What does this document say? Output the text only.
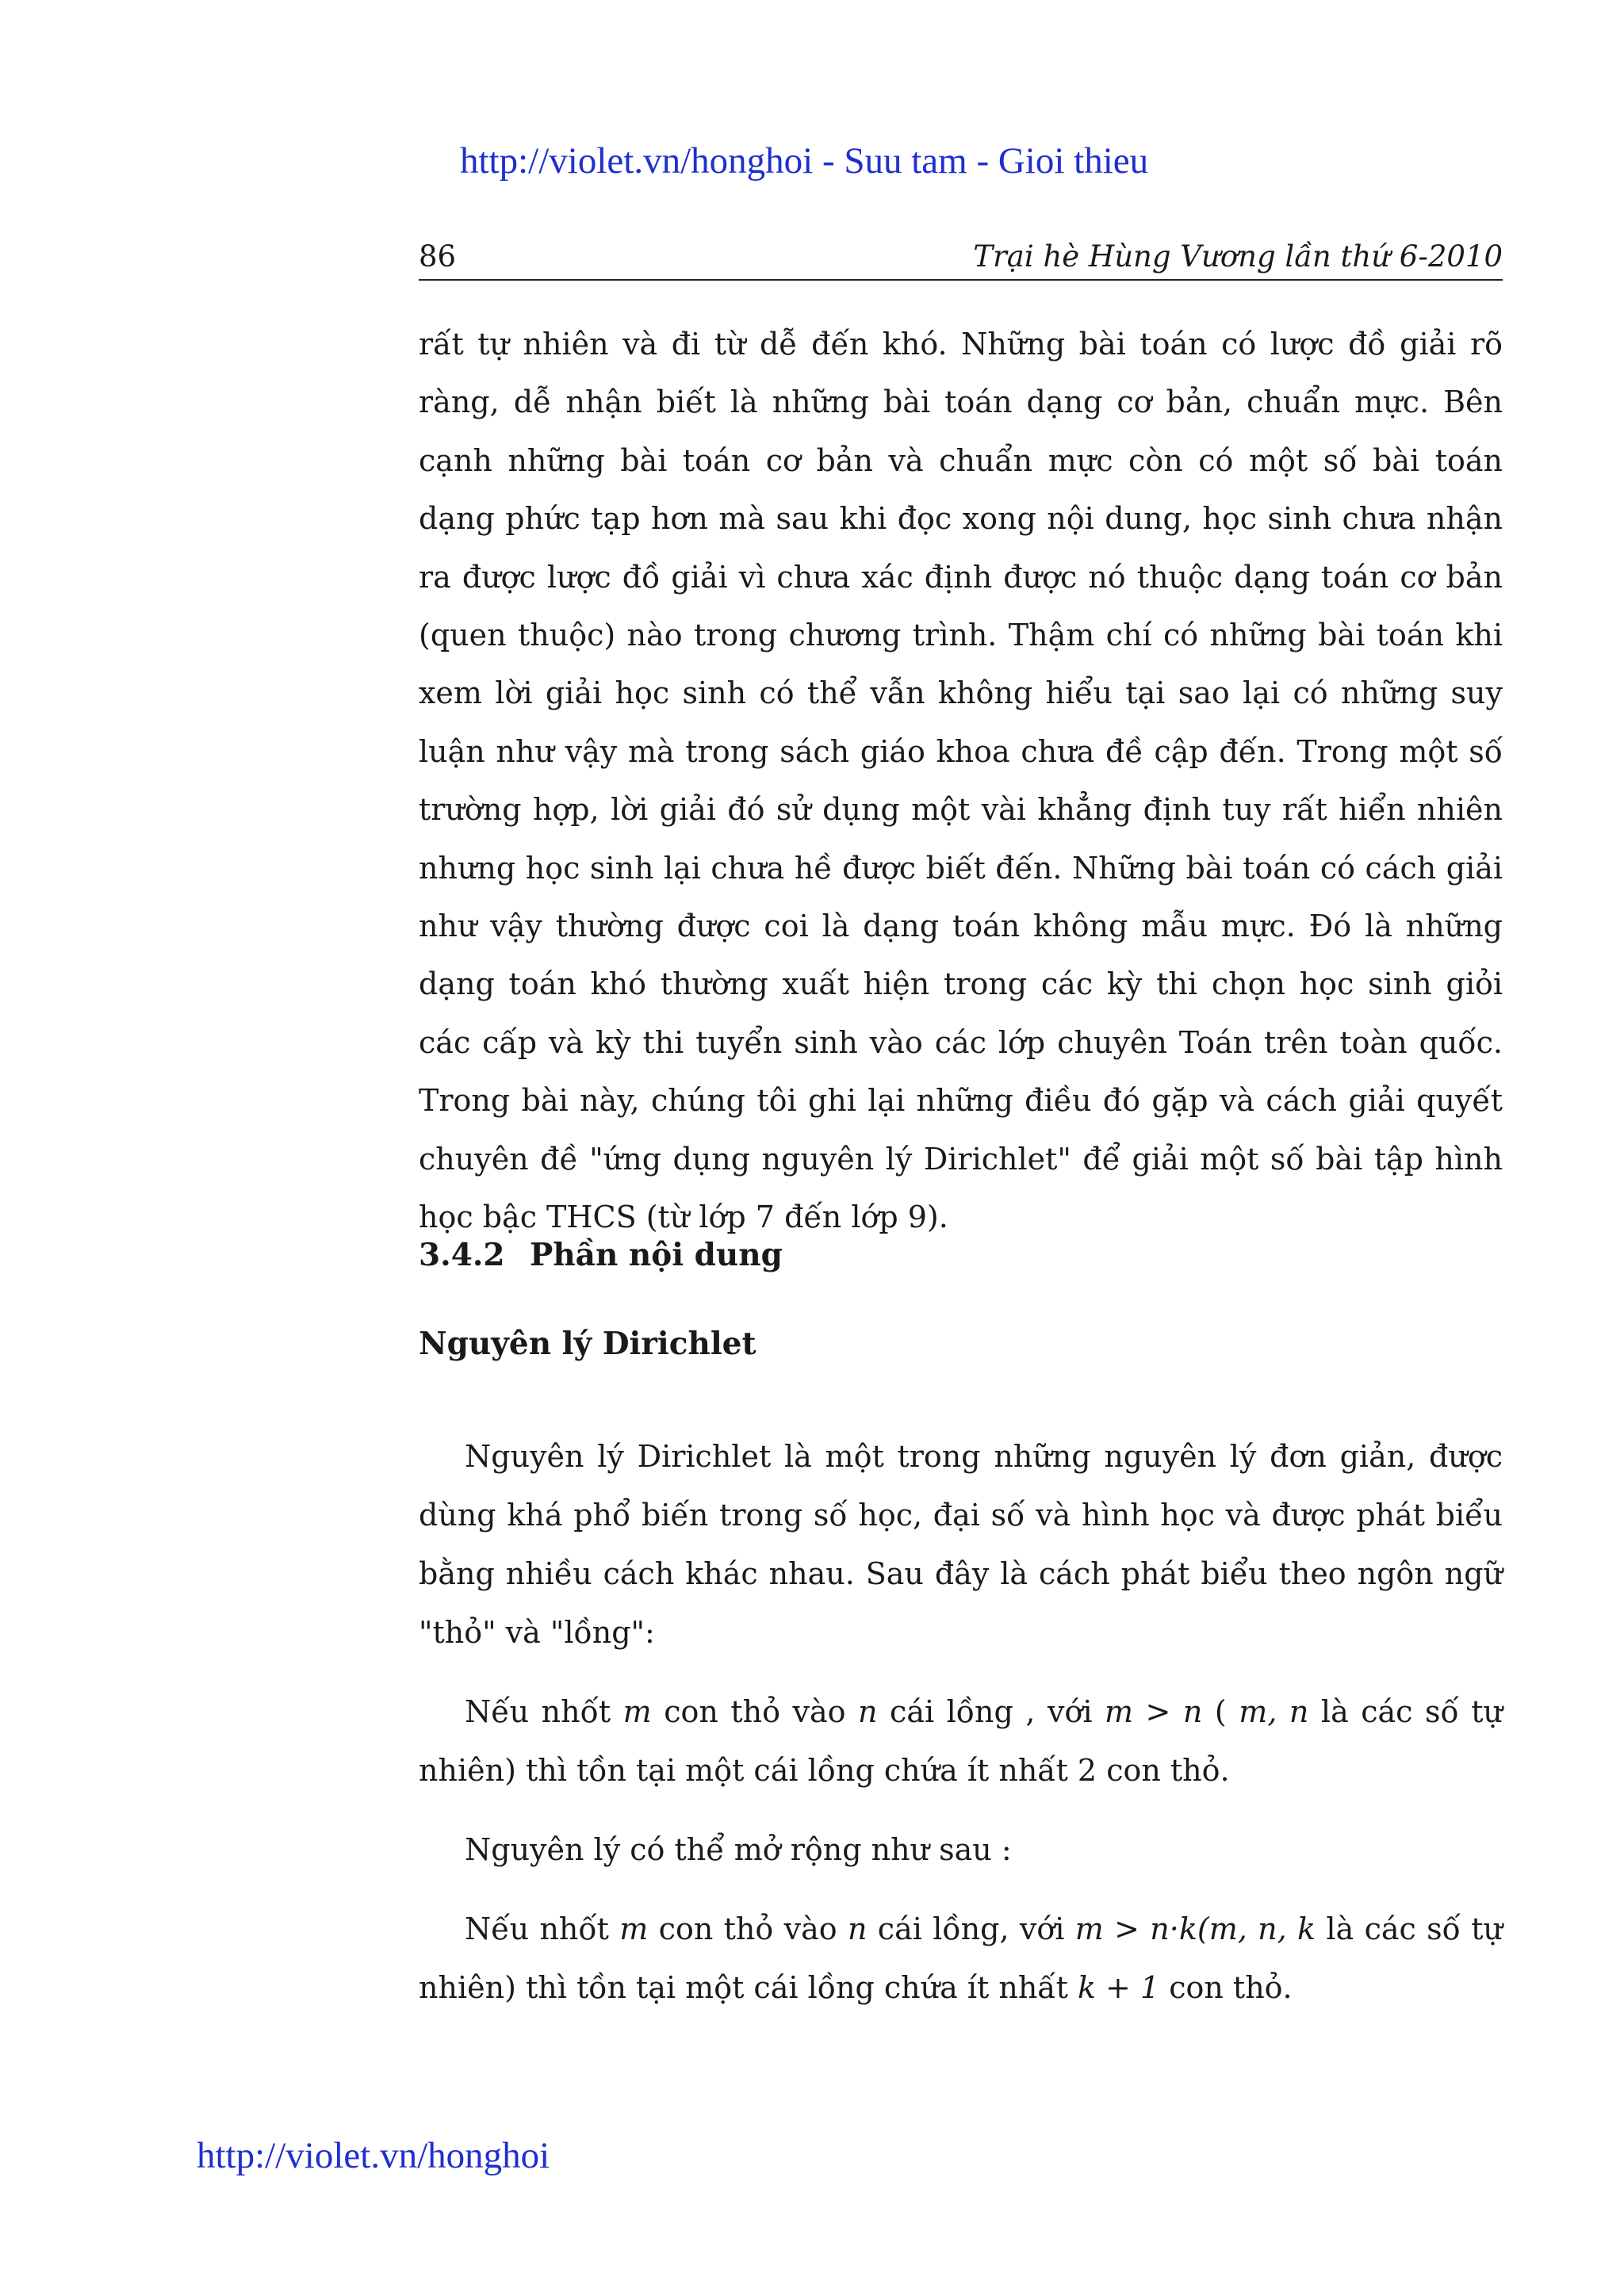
http://violet.vn/honghoi - Suu tam - Gioi thieu
86	Trại hè Hùng Vương lần thứ 6-2010

rất tự nhiên và đi từ dễ đến khó. Những bài toán có lược đồ giải rõ ràng, dễ nhận biết là những bài toán dạng cơ bản, chuẩn mực. Bên cạnh những bài toán cơ bản và chuẩn mực còn có một số bài toán dạng phức tạp hơn mà sau khi đọc xong nội dung, học sinh chưa nhận ra được lược đồ giải vì chưa xác định được nó thuộc dạng toán cơ bản (quen thuộc) nào trong chương trình. Thậm chí có những bài toán khi xem lời giải học sinh có thể vẫn không hiểu tại sao lại có những suy luận như vậy mà trong sách giáo khoa chưa đề cập đến. Trong một số trường hợp, lời giải đó sử dụng một vài khẳng định tuy rất hiển nhiên nhưng học sinh lại chưa hề được biết đến. Những bài toán có cách giải như vậy thường được coi là dạng toán không mẫu mực. Đó là những dạng toán khó thường xuất hiện trong các kỳ thi chọn học sinh giỏi các cấp và kỳ thi tuyển sinh vào các lớp chuyên Toán trên toàn quốc. Trong bài này, chúng tôi ghi lại những điều đó gặp và cách giải quyết chuyên đề "ứng dụng nguyên lý Dirichlet" để giải một số bài tập hình học bậc THCS (từ lớp 7 đến lớp 9).

3.4.2 Phần nội dung
Nguyên lý Dirichlet

Nguyên lý Dirichlet là một trong những nguyên lý đơn giản, được dùng khá phổ biến trong số học, đại số và hình học và được phát biểu bằng nhiều cách khác nhau. Sau đây là cách phát biểu theo ngôn ngữ "thỏ" và "lồng":

Nếu nhốt m con thỏ vào n cái lồng , với m > n ( m, n là các số tự nhiên) thì tồn tại một cái lồng chứa ít nhất 2 con thỏ.

Nguyên lý có thể mở rộng như sau :

Nếu nhốt m con thỏ vào n cái lồng, với m > n·k(m, n, k là các số tự nhiên) thì tồn tại một cái lồng chứa ít nhất k + 1 con thỏ.

http://violet.vn/honghoi
